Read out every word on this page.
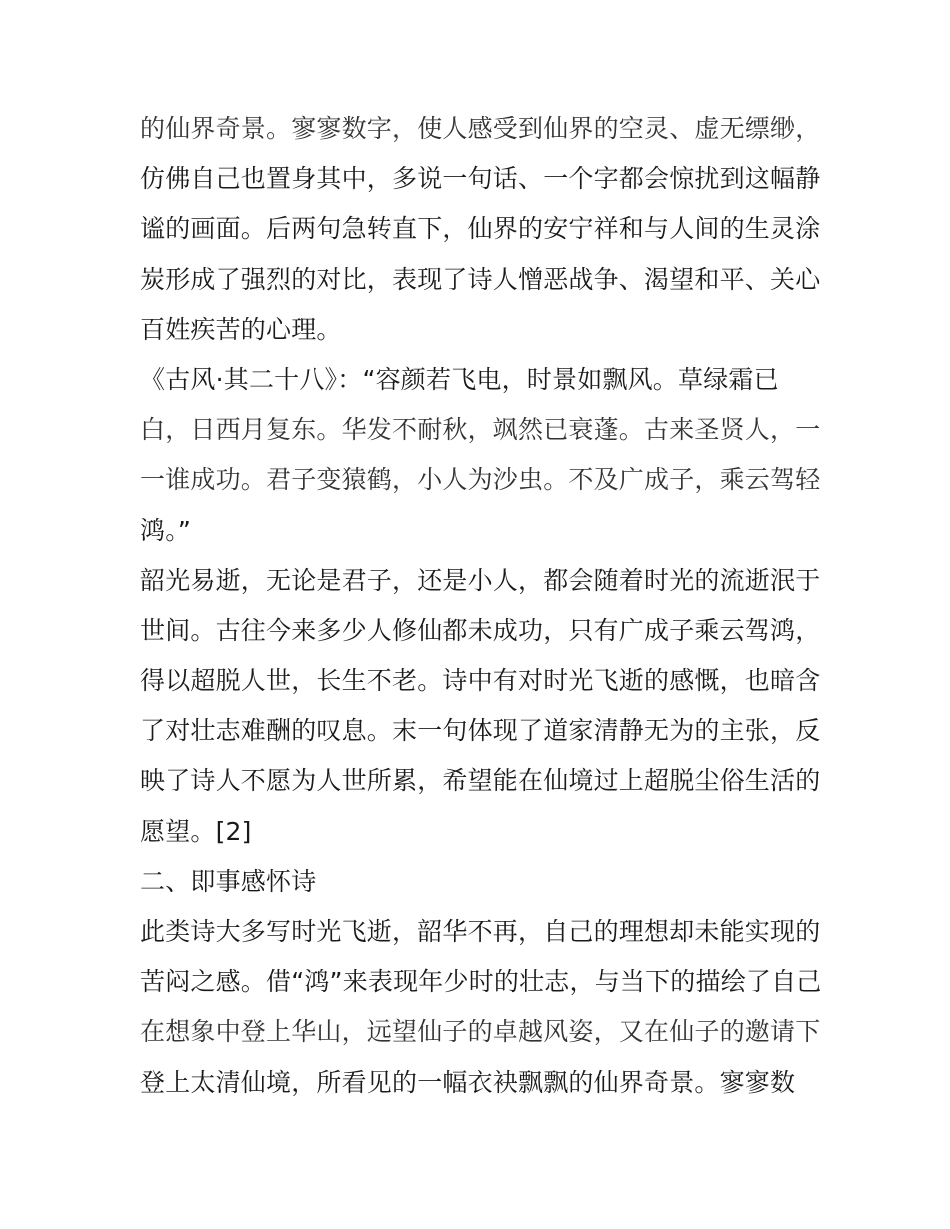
的仙界奇景。寥寥数字，使人感受到仙界的空灵、虚无缥缈，
仿佛自己也置身其中，多说一句话、一个字都会惊扰到这幅静
谧的画面。后两句急转直下，仙界的安宁祥和与人间的生灵涂
炭形成了强烈的对比，表现了诗人憎恶战争、渴望和平、关心
百姓疾苦的心理。
《古风·其二十八》：“容颜若飞电，时景如飘风。草绿霜已
白，日西月复东。华发不耐秋，飒然已衰蓬。古来圣贤人，一
一谁成功。君子变猿鹤，小人为沙虫。不及广成子，乘云驾轻
鸿。”
韶光易逝，无论是君子，还是小人，都会随着时光的流逝泯于
世间。古往今来多少人修仙都未成功，只有广成子乘云驾鸿，
得以超脱人世，长生不老。诗中有对时光飞逝的感慨，也暗含
了对壮志难酬的叹息。末一句体现了道家清静无为的主张，反
映了诗人不愿为人世所累，希望能在仙境过上超脱尘俗生活的
愿望。[2]
二、即事感怀诗
此类诗大多写时光飞逝，韶华不再，自己的理想却未能实现的
苦闷之感。借“鸿”来表现年少时的壮志，与当下的描绘了自己
在想象中登上华山，远望仙子的卓越风姿，又在仙子的邀请下
登上太清仙境，所看见的一幅衣袂飘飘的仙界奇景。寥寥数
